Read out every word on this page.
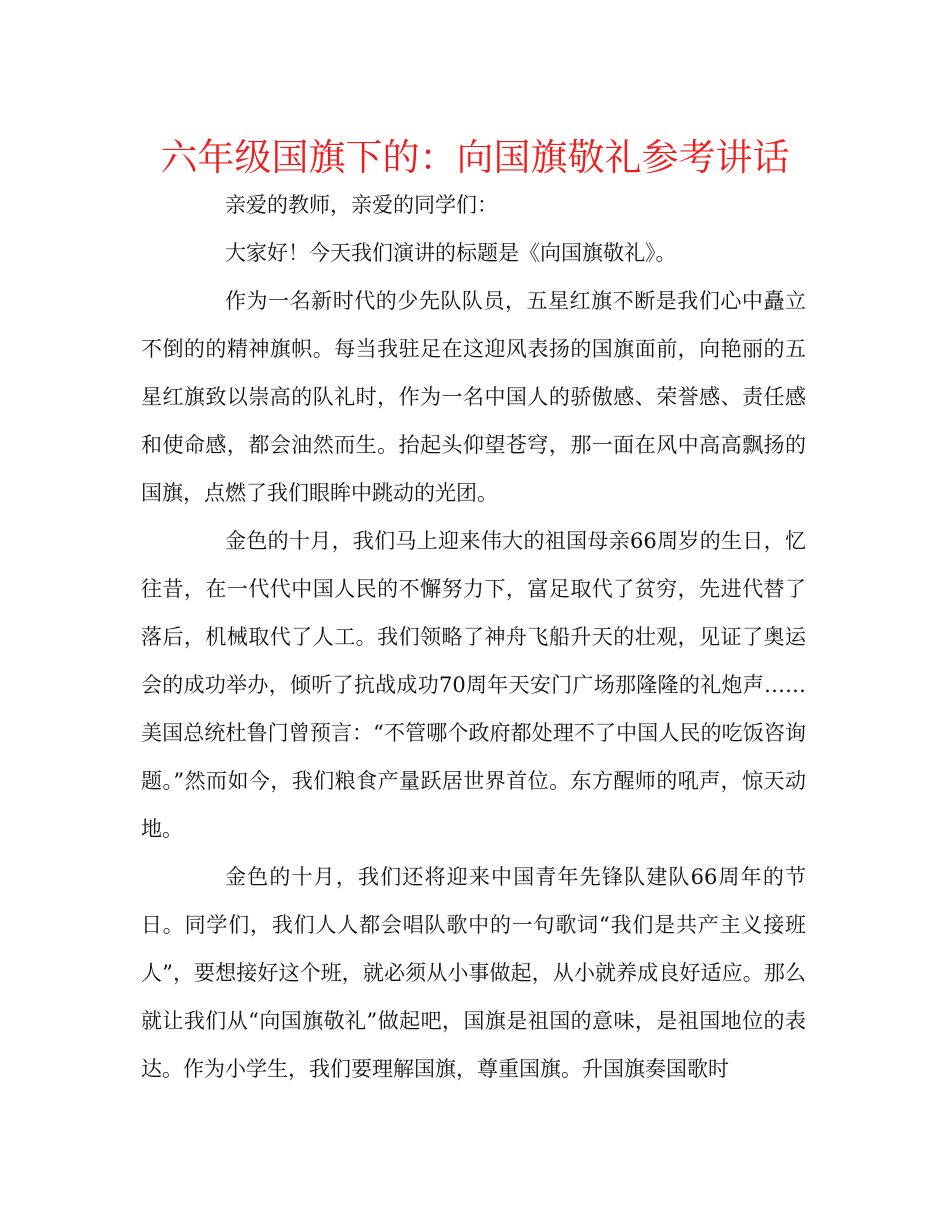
六年级国旗下的：向国旗敬礼参考讲话

亲爱的教师，亲爱的同学们：

大家好！今天我们演讲的标题是《向国旗敬礼》。

作为一名新时代的少先队队员，五星红旗不断是我们心中矗立不倒的的精神旗帜。每当我驻足在这迎风表扬的国旗面前，向艳丽的五星红旗致以崇高的队礼时，作为一名中国人的骄傲感、荣誉感、责任感和使命感，都会油然而生。抬起头仰望苍穹，那一面在风中高高飘扬的国旗，点燃了我们眼眸中跳动的光团。

金色的十月，我们马上迎来伟大的祖国母亲66周岁的生日，忆往昔，在一代代中国人民的不懈努力下，富足取代了贫穷，先进代替了落后，机械取代了人工。我们领略了神舟飞船升天的壮观，见证了奥运会的成功举办，倾听了抗战成功70周年天安门广场那隆隆的礼炮声……美国总统杜鲁门曾预言：“不管哪个政府都处理不了中国人民的吃饭咨询题。”然而如今，我们粮食产量跃居世界首位。东方醒师的吼声，惊天动地。

金色的十月，我们还将迎来中国青年先锋队建队66周年的节日。同学们，我们人人都会唱队歌中的一句歌词“我们是共产主义接班人”，要想接好这个班，就必须从小事做起，从小就养成良好适应。那么就让我们从“向国旗敬礼”做起吧，国旗是祖国的意味，是祖国地位的表达。作为小学生，我们要理解国旗，尊重国旗。升国旗奏国歌时
